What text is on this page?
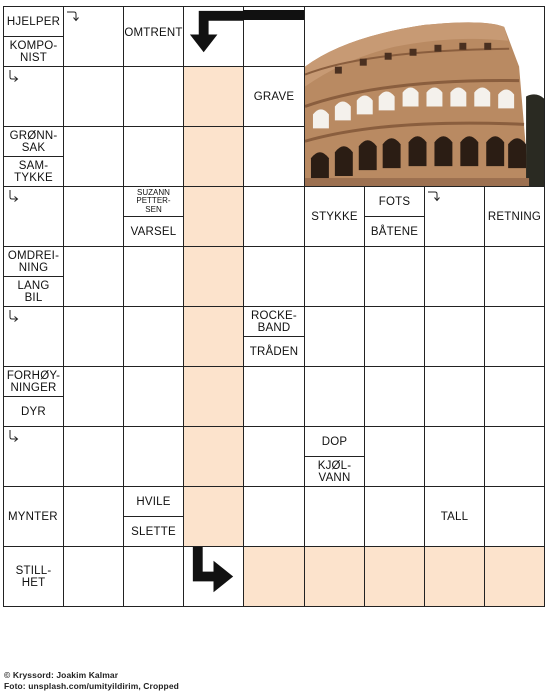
HJELPER
KOMPO-
NIST
OMTRENT
GRAVE
GRØNN-
SAK
SAM-
TYKKE
SUZANN
PETTER-
SEN
VARSEL
STYKKE
FOTS
BÅTENE
RETNING
OMDREI-
NING
LANG
BIL
ROCKE-
BAND
TRÅDEN
FORHØY-
NINGER
DYR
DOP
KJØL-
VANN
MYNTER
HVILE
SLETTE
TALL
STILL-
HET
© Kryssord: Joakim Kalmar
Foto: unsplash.com/umityildirim, Cropped
